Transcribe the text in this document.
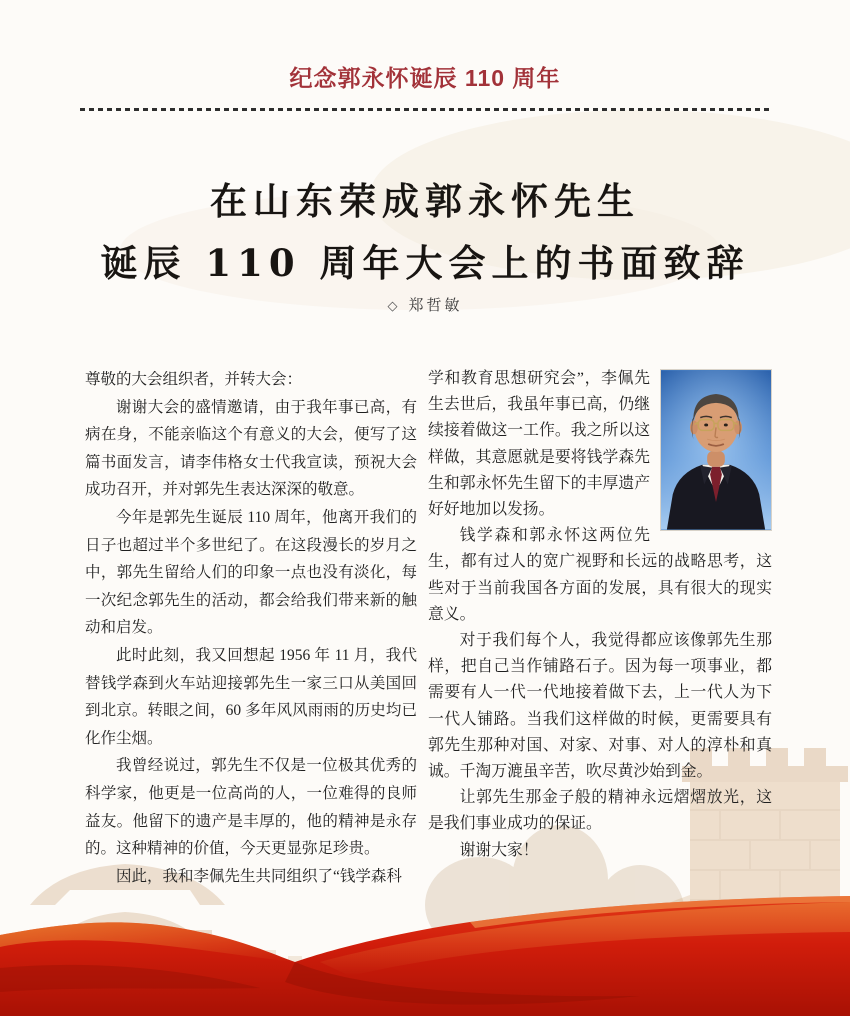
纪念郭永怀诞辰 110 周年
在山东荣成郭永怀先生
诞辰 110 周年大会上的书面致辞
◇ 郑哲敏

尊敬的大会组织者，并转大会：

谢谢大会的盛情邀请，由于我年事已高，有病在身，不能亲临这个有意义的大会，便写了这篇书面发言，请李伟格女士代我宣读，预祝大会成功召开，并对郭先生表达深深的敬意。

今年是郭先生诞辰 110 周年，他离开我们的日子也超过半个多世纪了。在这段漫长的岁月之中，郭先生留给人们的印象一点也没有淡化，每一次纪念郭先生的活动，都会给我们带来新的触动和启发。

此时此刻，我又回想起 1956 年 11 月，我代替钱学森到火车站迎接郭先生一家三口从美国回到北京。转眼之间，60 多年风风雨雨的历史均已化作尘烟。

我曾经说过，郭先生不仅是一位极其优秀的科学家，他更是一位高尚的人，一位难得的良师益友。他留下的遗产是丰厚的，他的精神是永存的。这种精神的价值，今天更显弥足珍贵。

因此，我和李佩先生共同组织了“钱学森科

学和教育思想研究会”，李佩先生去世后，我虽年事已高，仍继续接着做这一工作。我之所以这样做，其意愿就是要将钱学森先生和郭永怀先生留下的丰厚遗产好好地加以发扬。

钱学森和郭永怀这两位先生，都有过人的宽广视野和长远的战略思考，这些对于当前我国各方面的发展，具有很大的现实意义。

对于我们每个人，我觉得都应该像郭先生那样，把自己当作铺路石子。因为每一项事业，都需要有人一代一代地接着做下去，上一代人为下一代人铺路。当我们这样做的时候，更需要具有郭先生那种对国、对家、对事、对人的淳朴和真诚。千淘万漉虽辛苦，吹尽黄沙始到金。

让郭先生那金子般的精神永远熠熠放光，这是我们事业成功的保证。

谢谢大家！
